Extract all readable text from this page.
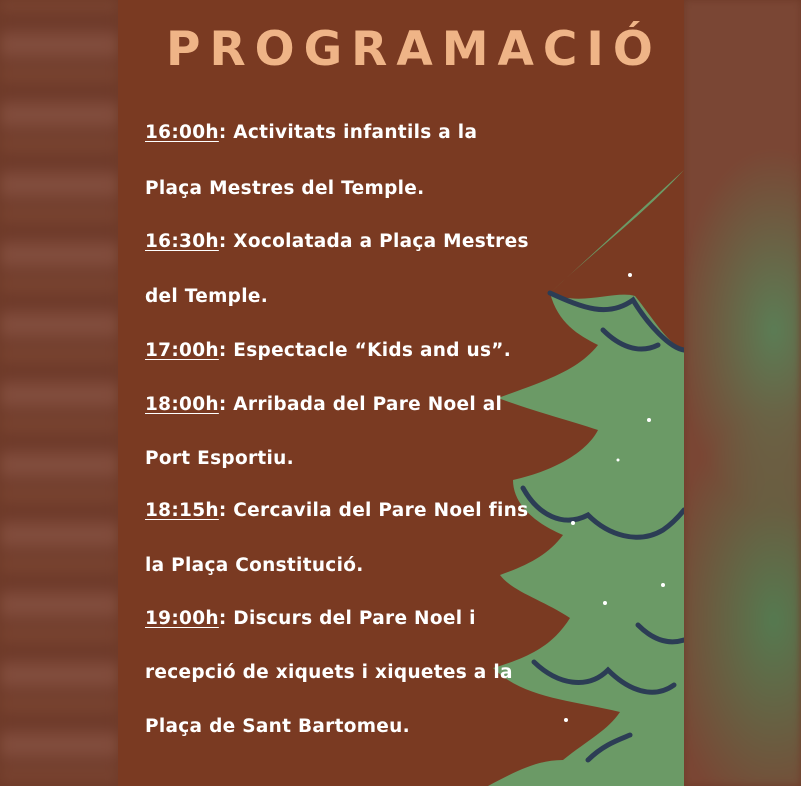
PROGRAMACIÓ
16:00h: Activitats infantils a la
Plaça Mestres del Temple.
16:30h: Xocolatada a Plaça Mestres
del Temple.
17:00h: Espectacle “Kids and us”.
18:00h: Arribada del Pare Noel al
Port Esportiu.
18:15h: Cercavila del Pare Noel fins
la Plaça Constitució.
19:00h: Discurs del Pare Noel i
recepció de xiquets i xiquetes a la
Plaça de Sant Bartomeu.
